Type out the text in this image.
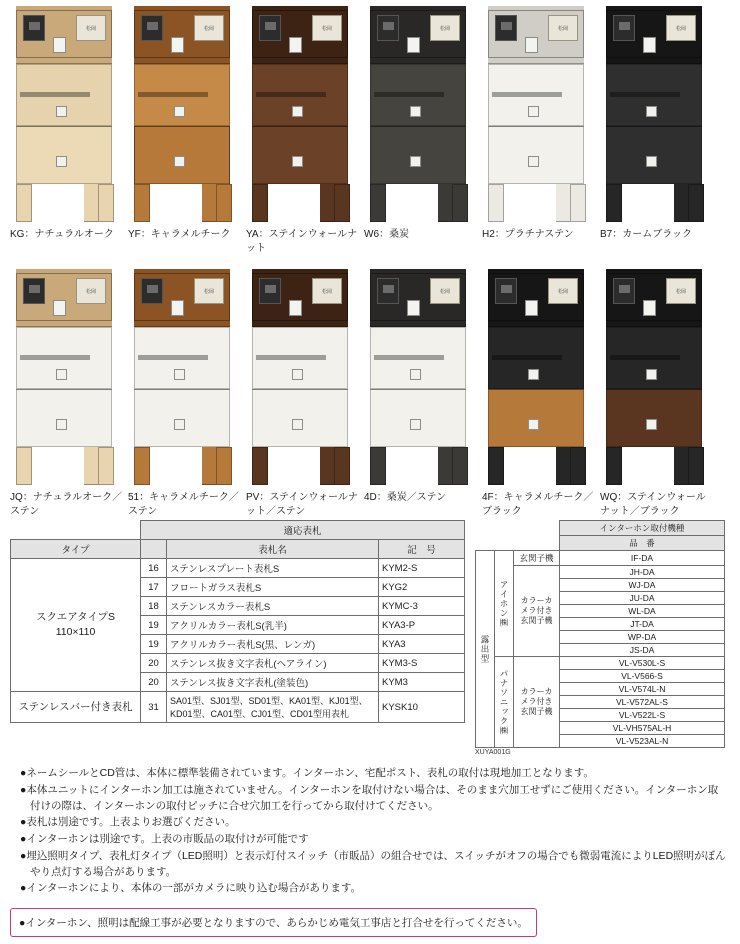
松岡
KG：ナチュラルオーク
松岡
YF：キャラメルチーク
松岡
YA：ステインウォールナット
松岡
W6：桑炭
松岡
H2：プラチナステン
松岡
B7：カームブラック
松岡
JQ：ナチュラルオーク／ステン
松岡
51：キャラメルチーク／ステン
松岡
PV：ステインウォールナット／ステン
松岡
4D：桑炭／ステン
松岡
4F：キャラメルチーク／ブラック
松岡
WQ：ステインウォールナット／ブラック
	適応表札		
タイプ		表札名	記　号
スクエアタイプS
110×110	16	ステンレスプレート表札S	KYM2-S
	17	フロートガラス表札S	KYG2
	18	ステンレスカラー表札S	KYMC-3
	19	アクリルカラー表札S(乳半)	KYA3-P
	19	アクリルカラー表札S(黒、レンガ)	KYA3
	20	ステンレス抜き文字表札(ヘアライン)	KYM3-S
	20	ステンレス抜き文字表札(塗装色)	KYM3
ステンレスバー付き表札	31	SA01型、SJ01型、SD01型、KA01型、KJ01型、
KD01型、CA01型、CJ01型、CD01型用表札	KYSK10
			インターホン取付機種
			品　番
露出型	アイホン㈱	玄関子機	IF-DA
		カラーカメラ付き玄関子機	JH-DA
			WJ-DA
			JU-DA
			WL-DA
			JT-DA
			WP-DA
			JS-DA
	パナソニック㈱	カラーカメラ付き玄関子機	VL-V530L-S
			VL-V566-S
			VL-V574L-N
			VL-V572AL-S
			VL-V522L-S
			VL-VH575AL-H
			VL-V523AL-N
XUYA001G
●ネームシールとCD管は、本体に標準装備されています。インターホン、宅配ポスト、表札の取付は現地加工となります。
●本体ユニットにインターホン加工は施されていません。インターホンを取付けない場合は、そのまま穴加工せずにご使用ください。インターホン取付けの際は、インターホンの取付ピッチに合せ穴加工を行ってから取付けてください。
●表札は別途です。上表よりお選びください。
●インターホンは別途です。上表の市販品の取付けが可能です
●埋込照明タイプ、表札灯タイプ（LED照明）と表示灯付スイッチ（市販品）の組合せでは、スイッチがオフの場合でも微弱電流によりLED照明がぼんやり点灯する場合があります。
●インターホンにより、本体の一部がカメラに映り込む場合があります。
●インターホン、照明は配線工事が必要となりますので、あらかじめ電気工事店と打合せを行ってください。
